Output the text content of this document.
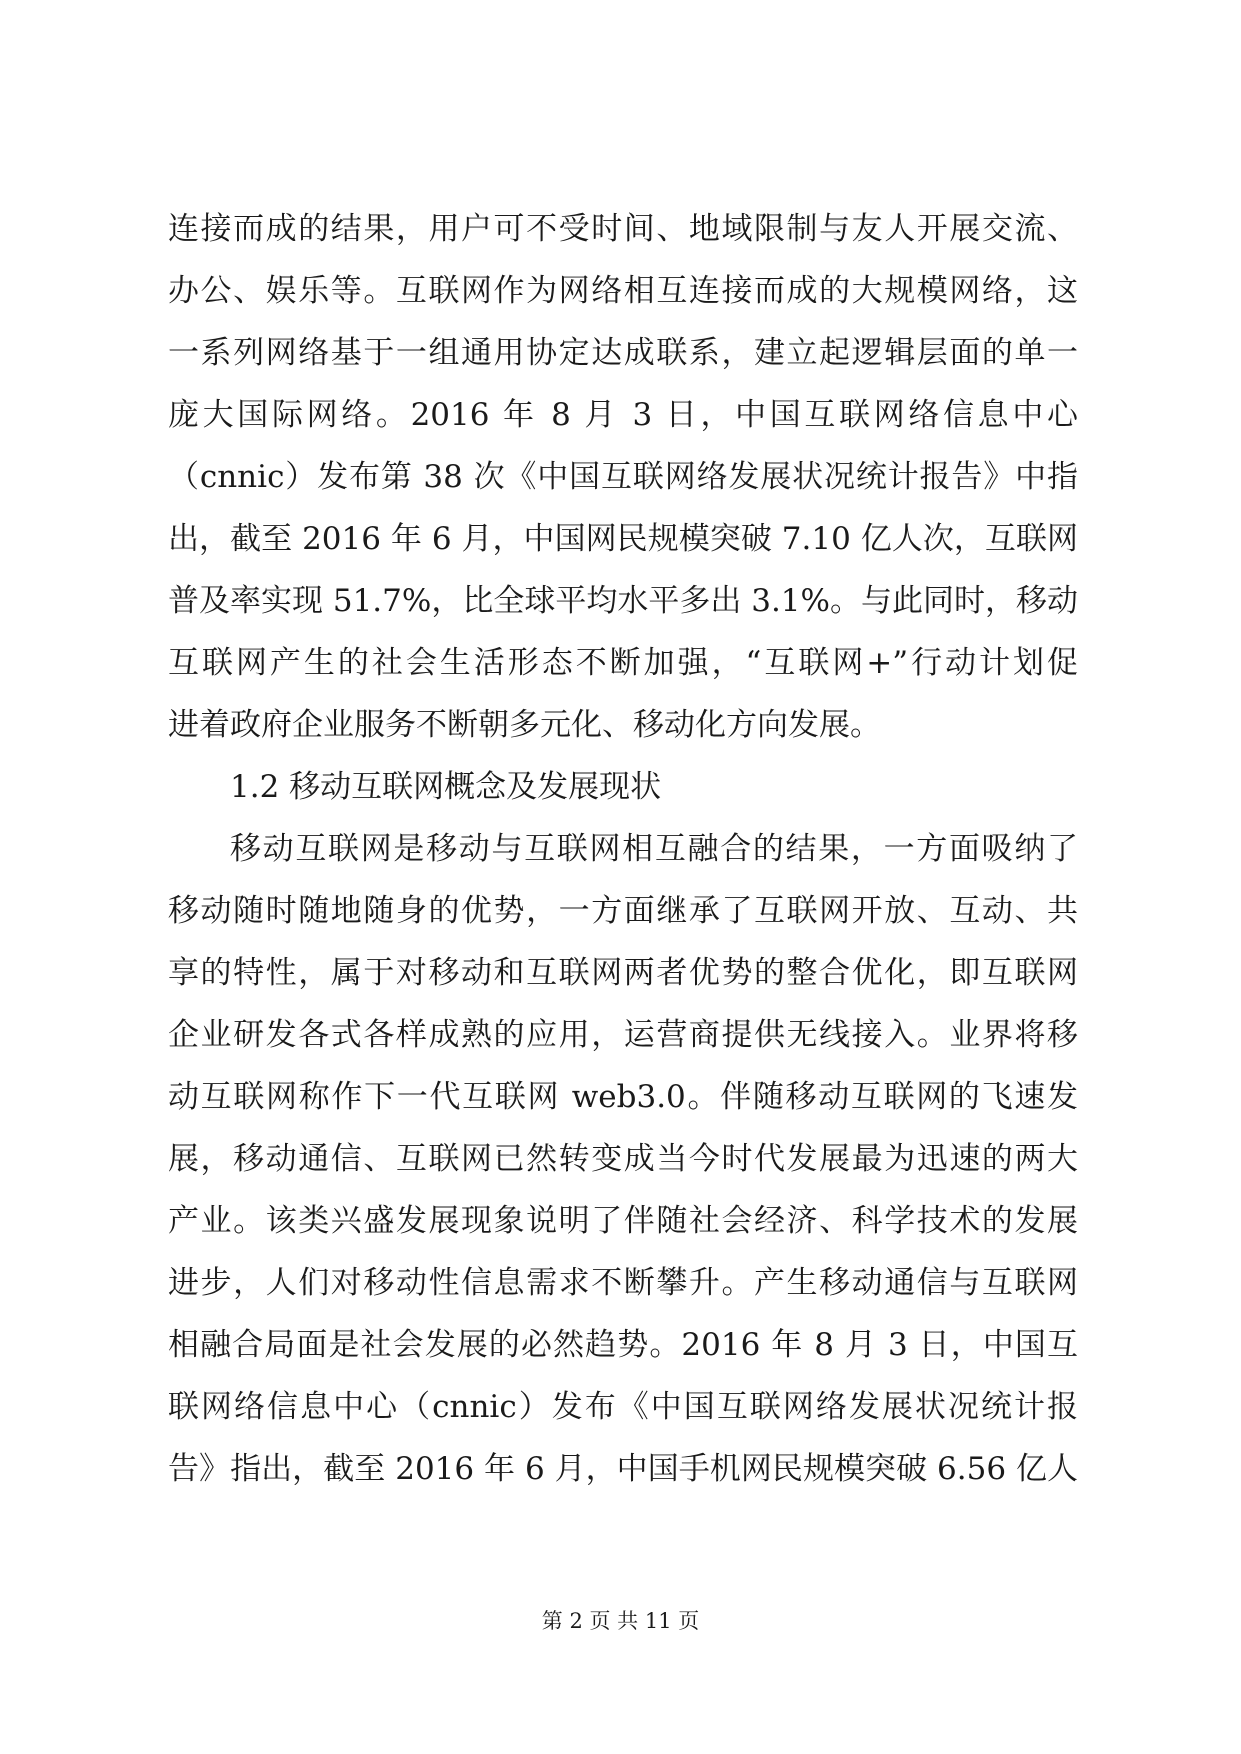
连接而成的结果，用户可不受时间、地域限制与友人开展交流、
办公、娱乐等。互联网作为网络相互连接而成的大规模网络，这
一系列网络基于一组通用协定达成联系，建立起逻辑层面的单一
庞大国际网络。2016 年 8 月 3 日，中国互联网络信息中心
（cnnic）发布第 38 次《中国互联网络发展状况统计报告》中指
出，截至 2016 年 6 月，中国网民规模突破 7.10 亿人次，互联网
普及率实现 51.7%，比全球平均水平多出 3.1%。与此同时，移动
互联网产生的社会生活形态不断加强，“互联网+”行动计划促
进着政府企业服务不断朝多元化、移动化方向发展。
1.2 移动互联网概念及发展现状
移动互联网是移动与互联网相互融合的结果，一方面吸纳了
移动随时随地随身的优势，一方面继承了互联网开放、互动、共
享的特性，属于对移动和互联网两者优势的整合优化，即互联网
企业研发各式各样成熟的应用，运营商提供无线接入。业界将移
动互联网称作下一代互联网 web3.0。伴随移动互联网的飞速发
展，移动通信、互联网已然转变成当今时代发展最为迅速的两大
产业。该类兴盛发展现象说明了伴随社会经济、科学技术的发展
进步，人们对移动性信息需求不断攀升。产生移动通信与互联网
相融合局面是社会发展的必然趋势。2016 年 8 月 3 日，中国互
联网络信息中心（cnnic）发布《中国互联网络发展状况统计报
告》指出，截至 2016 年 6 月，中国手机网民规模突破 6.56 亿人
第 2 页 共 11 页
